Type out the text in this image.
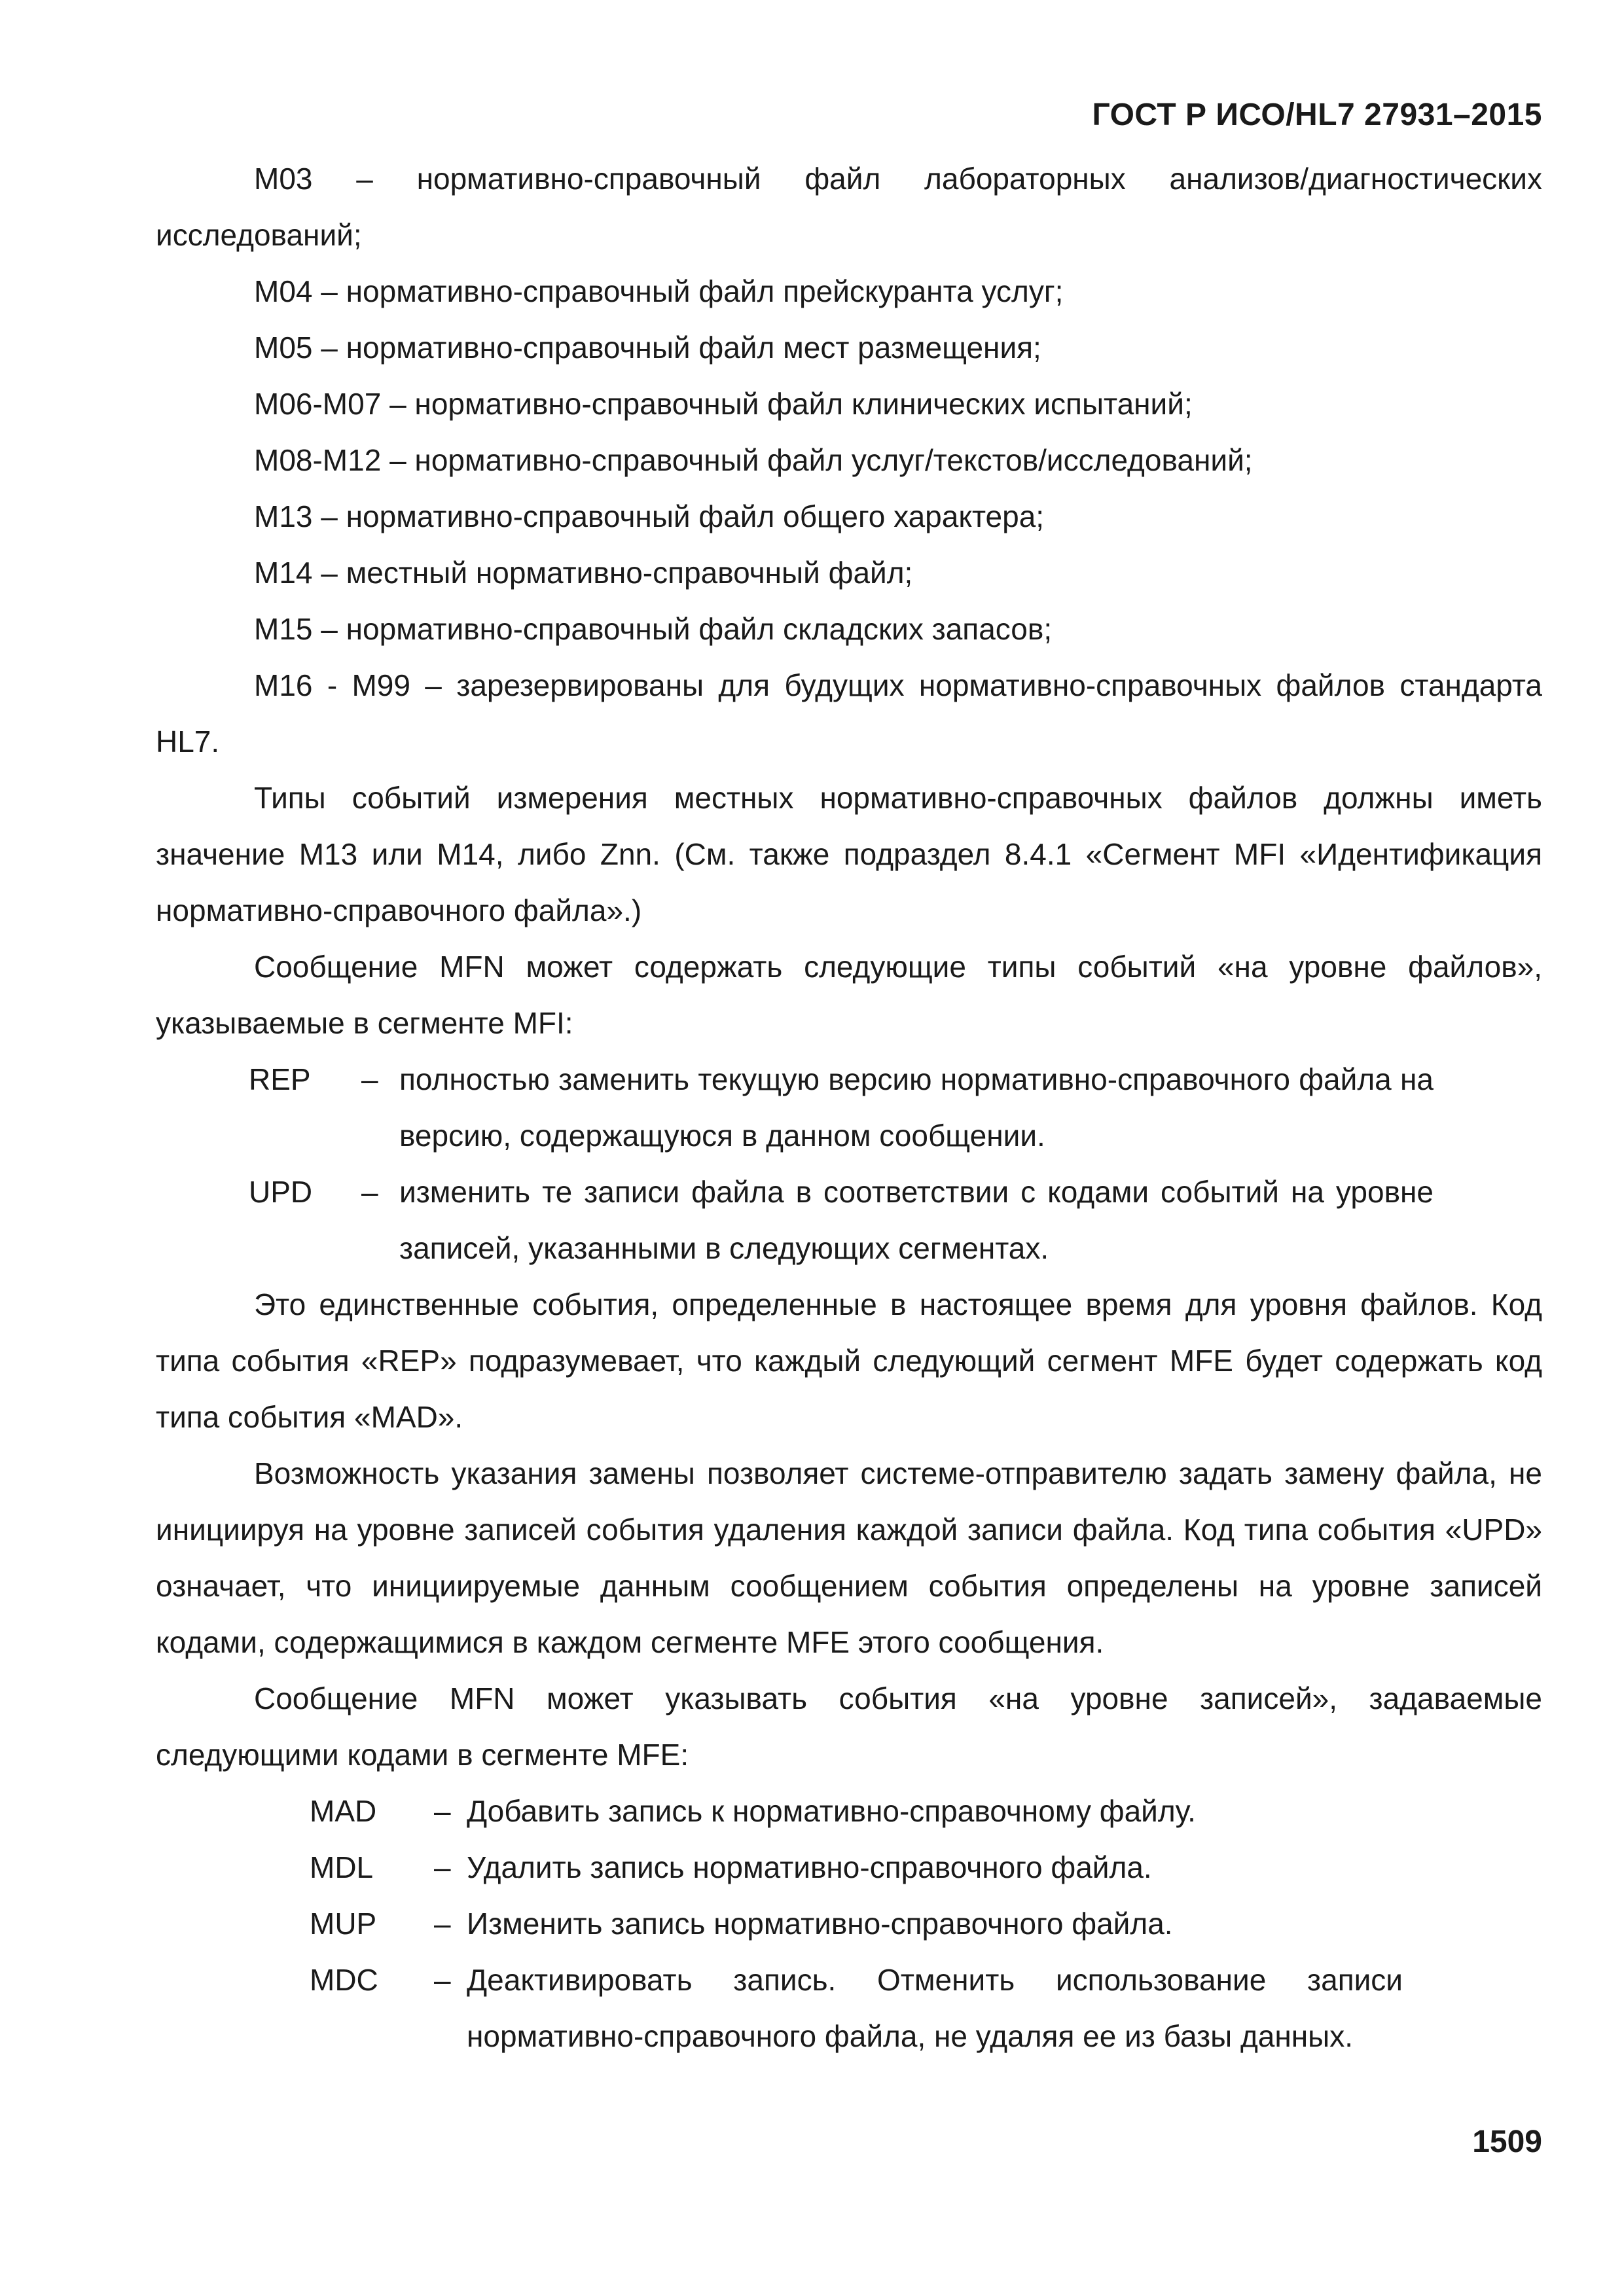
ГОСТ Р ИСО/HL7 27931–2015

M03 – нормативно-справочный файл лабораторных анализов/диагностических исследований;

M04 – нормативно-справочный файл прейскуранта услуг;

M05 – нормативно-справочный файл мест размещения;

M06-M07 – нормативно-справочный файл клинических испытаний;

M08-M12 – нормативно-справочный файл услуг/текстов/исследований;

M13 – нормативно-справочный файл общего характера;

M14 – местный нормативно-справочный файл;

M15 – нормативно-справочный файл складских запасов;

M16 - M99 – зарезервированы для будущих нормативно-справочных файлов стандарта HL7.

Типы событий измерения местных нормативно-справочных файлов должны иметь значение M13 или M14, либо Znn. (См. также подраздел 8.4.1 «Сегмент MFI «Идентификация нормативно-справочного файла».)

Сообщение MFN может содержать следующие типы событий «на уровне файлов», указываемые в сегменте MFI:

REP	– полностью заменить текущую версию нормативно-справочного файла на версию, содержащуюся в данном сообщении.
UPD	– изменить те записи файла в соответствии с кодами событий на уровне записей, указанными в следующих сегментах.

Это единственные события, определенные в настоящее время для уровня файлов. Код типа события «REP» подразумевает, что каждый следующий сегмент MFE будет содержать код типа события «MAD».

Возможность указания замены позволяет системе-отправителю задать замену файла, не инициируя на уровне записей события удаления каждой записи файла. Код типа события «UPD» означает, что инициируемые данным сообщением события определены на уровне записей кодами, содержащимися в каждом сегменте MFE этого сообщения.

Сообщение MFN может указывать события «на уровне записей», задаваемые следующими кодами в сегменте MFE:

MAD	– Добавить запись к нормативно-справочному файлу.
MDL	– Удалить запись нормативно-справочного файла.
MUP	– Изменить запись нормативно-справочного файла.
MDC	– Деактивировать запись. Отменить использование записи нормативно-справочного файла, не удаляя ее из базы данных.
1509
